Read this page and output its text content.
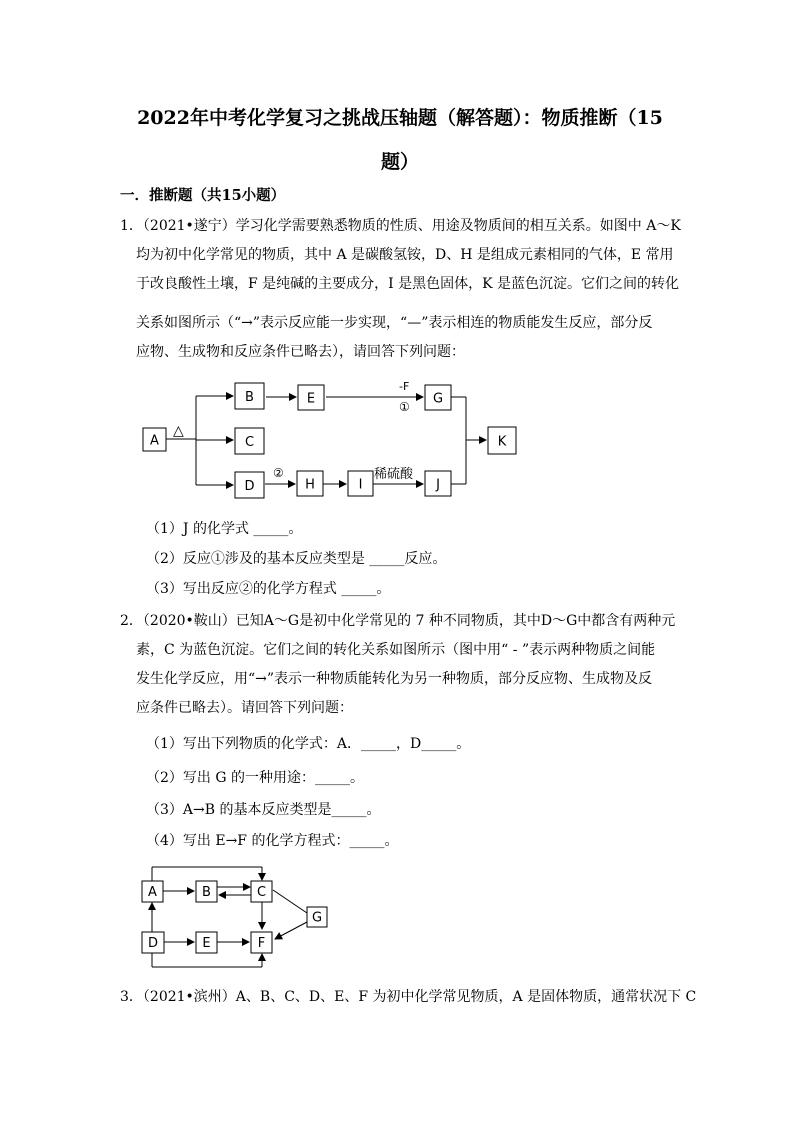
2022年中考化学复习之挑战压轴题（解答题）：物质推断（15
题）
一．推断题（共15小题）
1．（2021•遂宁）学习化学需要熟悉物质的性质、用途及物质间的相互关系。如图中 A～K
均为初中化学常见的物质，其中 A 是碳酸氢铵，D、H 是组成元素相同的气体，E 常用
于改良酸性土壤，F 是纯碱的主要成分，I 是黑色固体，K 是蓝色沉淀。它们之间的转化
关系如图所示（“→”表示反应能一步实现，“—”表示相连的物质能发生反应，部分反
应物、生成物和反应条件已略去），请回答下列问题：
△
-F
①
②	稀硫酸
A
B
C
D
E	G
H	I	J
K
（1）J 的化学式 _____。
（2）反应①涉及的基本反应类型是 _____反应。
（3）写出反应②的化学方程式 _____。
2．（2020•鞍山）已知A～G是初中化学常见的 7 种不同物质，其中D～G中都含有两种元
素，C 为蓝色沉淀。它们之间的转化关系如图所示（图中用“ - ”表示两种物质之间能
发生化学反应，用“→”表示一种物质能转化为另一种物质，部分反应物、生成物及反
应条件已略去）。请回答下列问题：
（1）写出下列物质的化学式：A．_____，D_____。
（2）写出 G 的一种用途：_____。
（3）A→B 的基本反应类型是_____。
（4）写出 E→F 的化学方程式：_____。
A	B	C
D	E	F
G
3．（2021•滨州）A、B、C、D、E、F 为初中化学常见物质，A 是固体物质，通常状况下 C
